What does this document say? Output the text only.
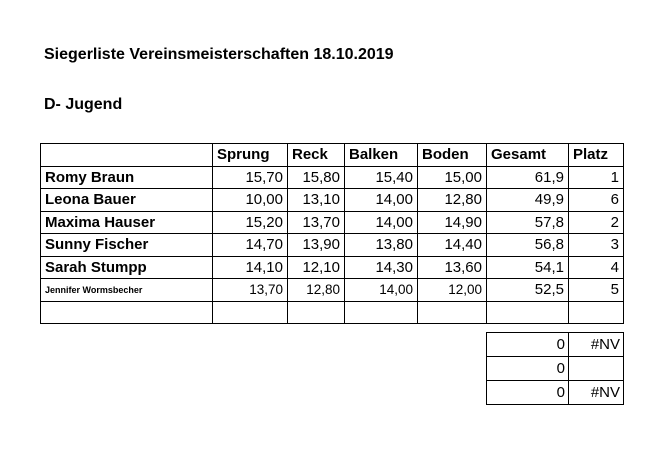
Siegerliste Vereinsmeisterschaften 18.10.2019
D- Jugend
	Sprung	Reck	Balken	Boden	Gesamt	Platz
Romy Braun	15,70	15,80	15,40	15,00	61,9	1
Leona Bauer	10,00	13,10	14,00	12,80	49,9	6
Maxima Hauser	15,20	13,70	14,00	14,90	57,8	2
Sunny Fischer	14,70	13,90	13,80	14,40	56,8	3
Sarah Stumpp	14,10	12,10	14,30	13,60	54,1	4
Jennifer Wormsbecher	13,70	12,80	14,00	12,00	52,5	5

0	#NV
0	
0	#NV
